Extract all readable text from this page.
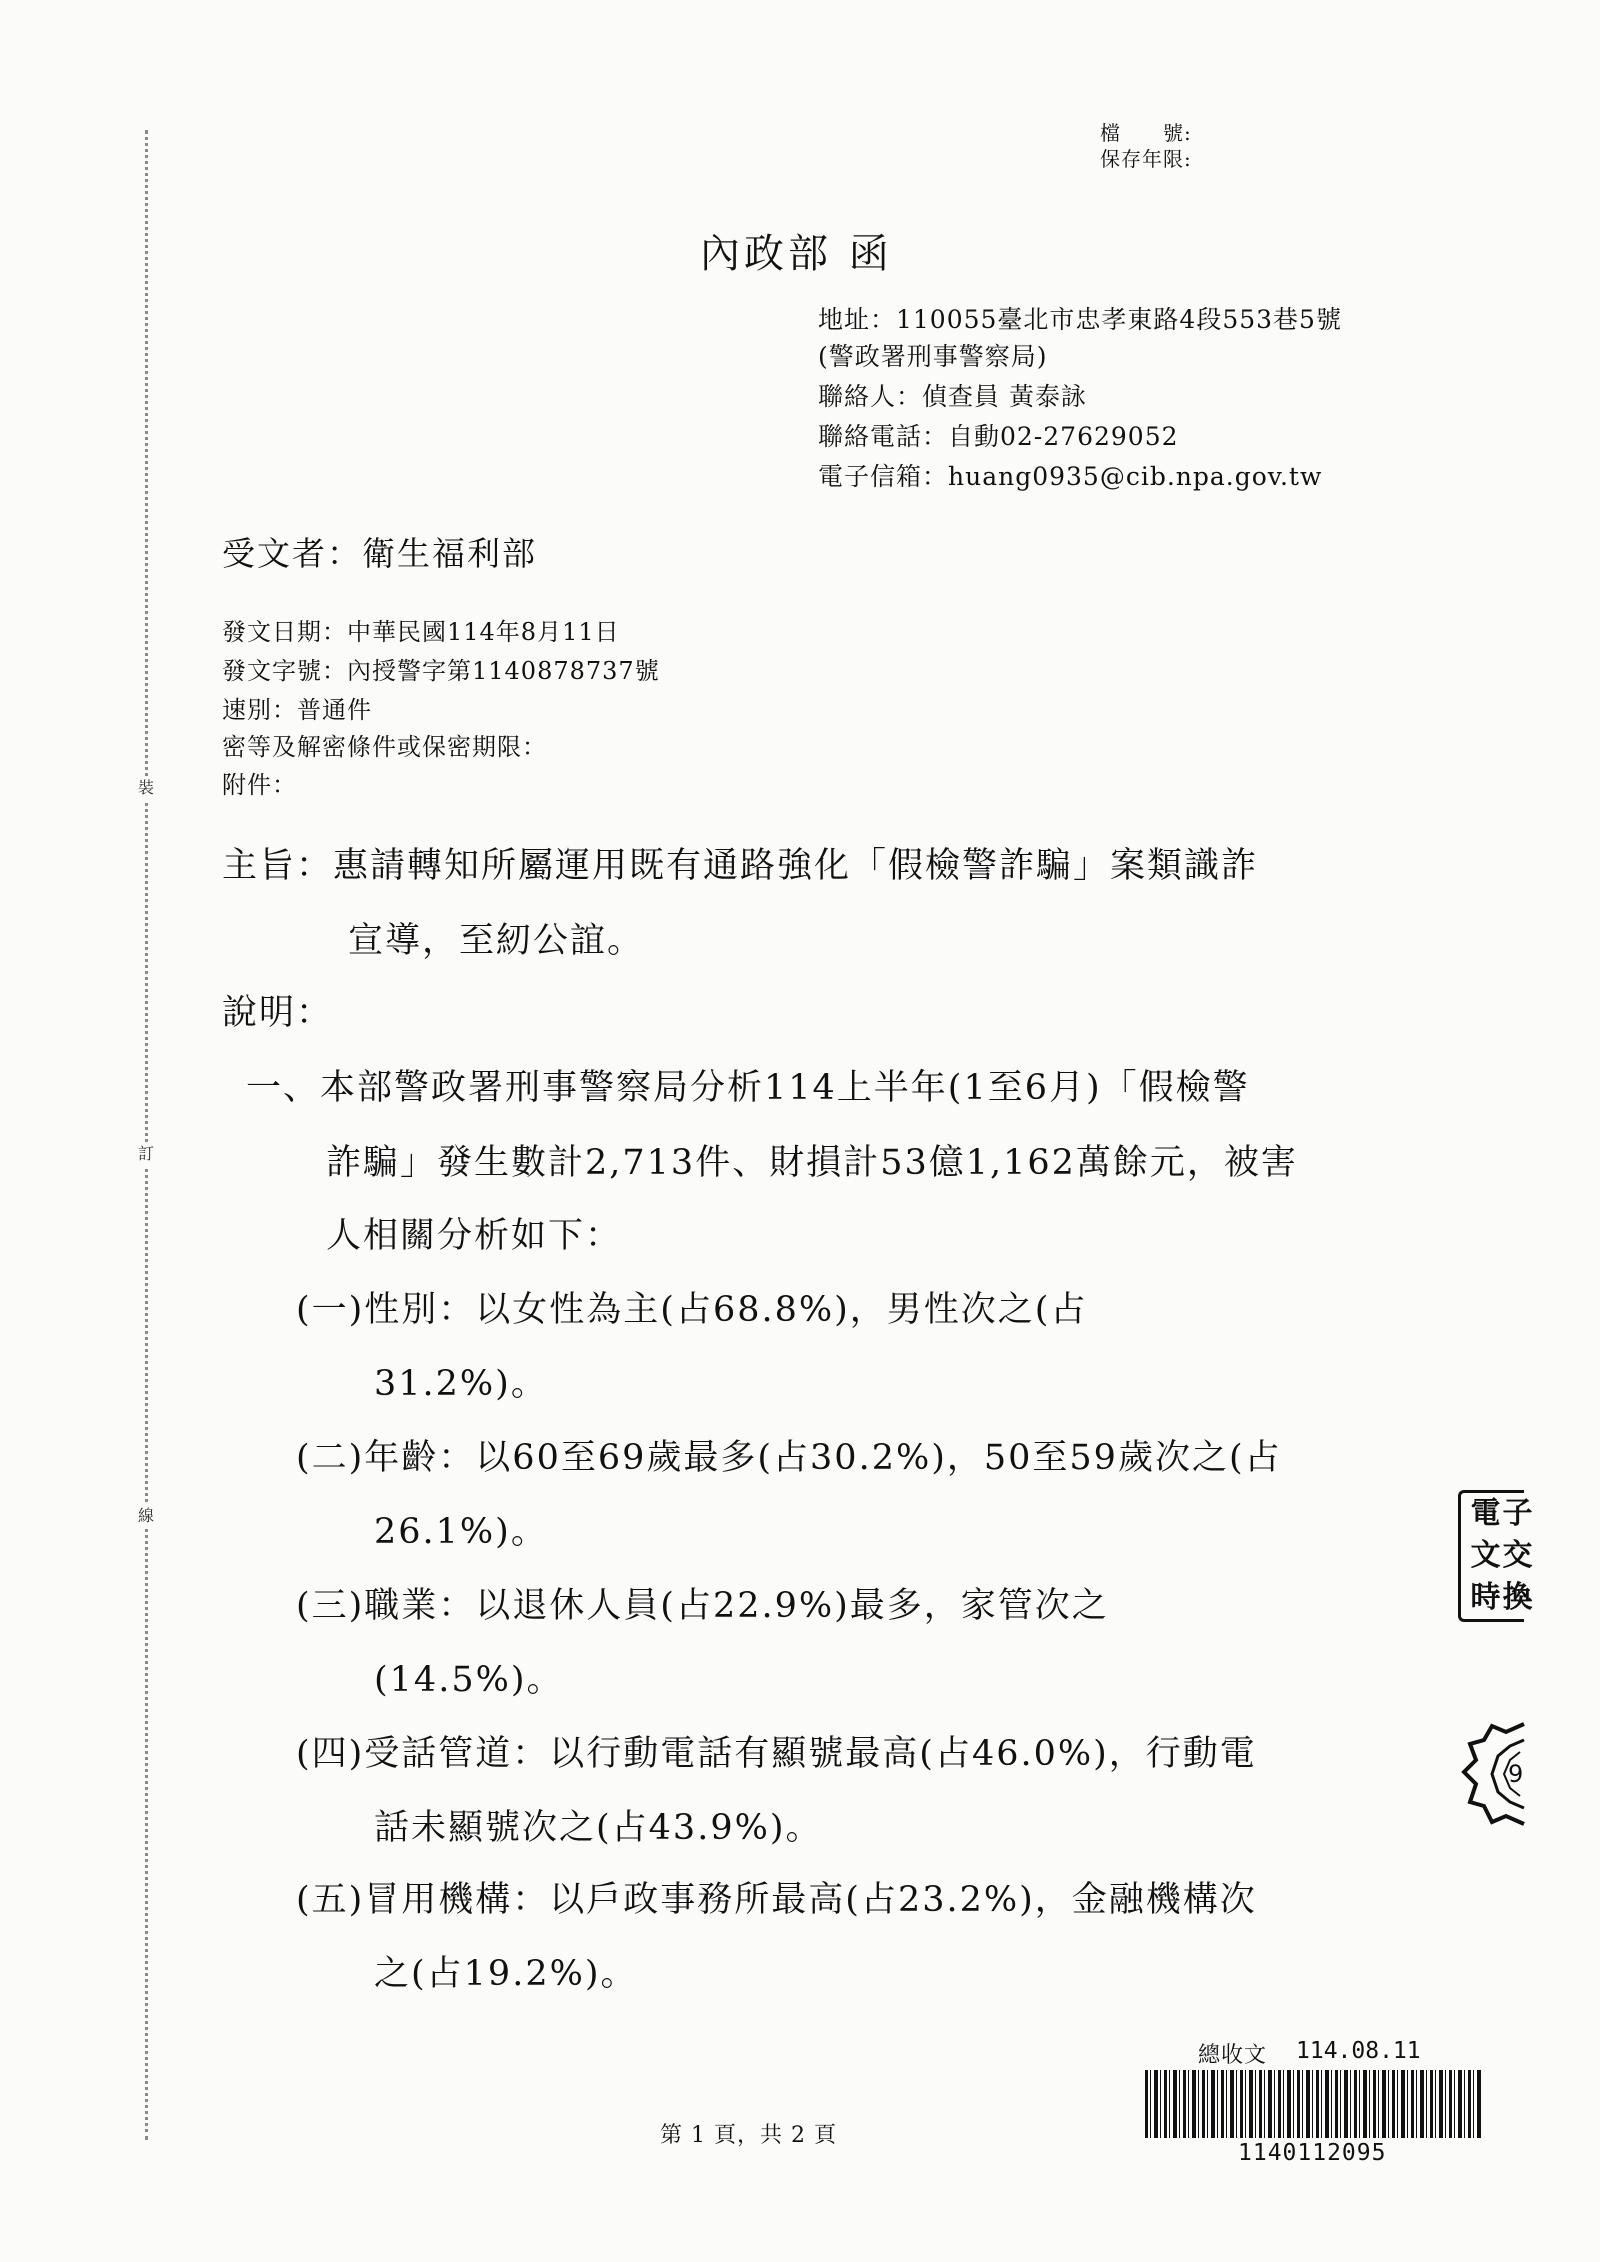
裝
訂
線
檔　　號:
保存年限:
內政部 函
地址：110055臺北市忠孝東路4段553巷5號
(警政署刑事警察局)
聯絡人：偵查員 黃泰詠
聯絡電話：自動02-27629052
電子信箱：huang0935@cib.npa.gov.tw
受文者：衛生福利部
發文日期：中華民國114年8月11日
發文字號：內授警字第1140878737號
速別：普通件
密等及解密條件或保密期限：
附件：
主旨：惠請轉知所屬運用既有通路強化「假檢警詐騙」案類識詐
宣導，至紉公誼。
說明：
一、本部警政署刑事警察局分析114上半年(1至6月)「假檢警
詐騙」發生數計2,713件、財損計53億1,162萬餘元，被害
人相關分析如下：
(一)性別：以女性為主(占68.8%)，男性次之(占
31.2%)。
(二)年齡：以60至69歲最多(占30.2%)，50至59歲次之(占
26.1%)。
(三)職業：以退休人員(占22.9%)最多，家管次之
(14.5%)。
(四)受話管道：以行動電話有顯號最高(占46.0%)，行動電
話未顯號次之(占43.9%)。
(五)冒用機構：以戶政事務所最高(占23.2%)，金融機構次
之(占19.2%)。
電 子
文 交
時 換
9
第 1 頁，共 2 頁
總收文 114.08.11
1140112095
